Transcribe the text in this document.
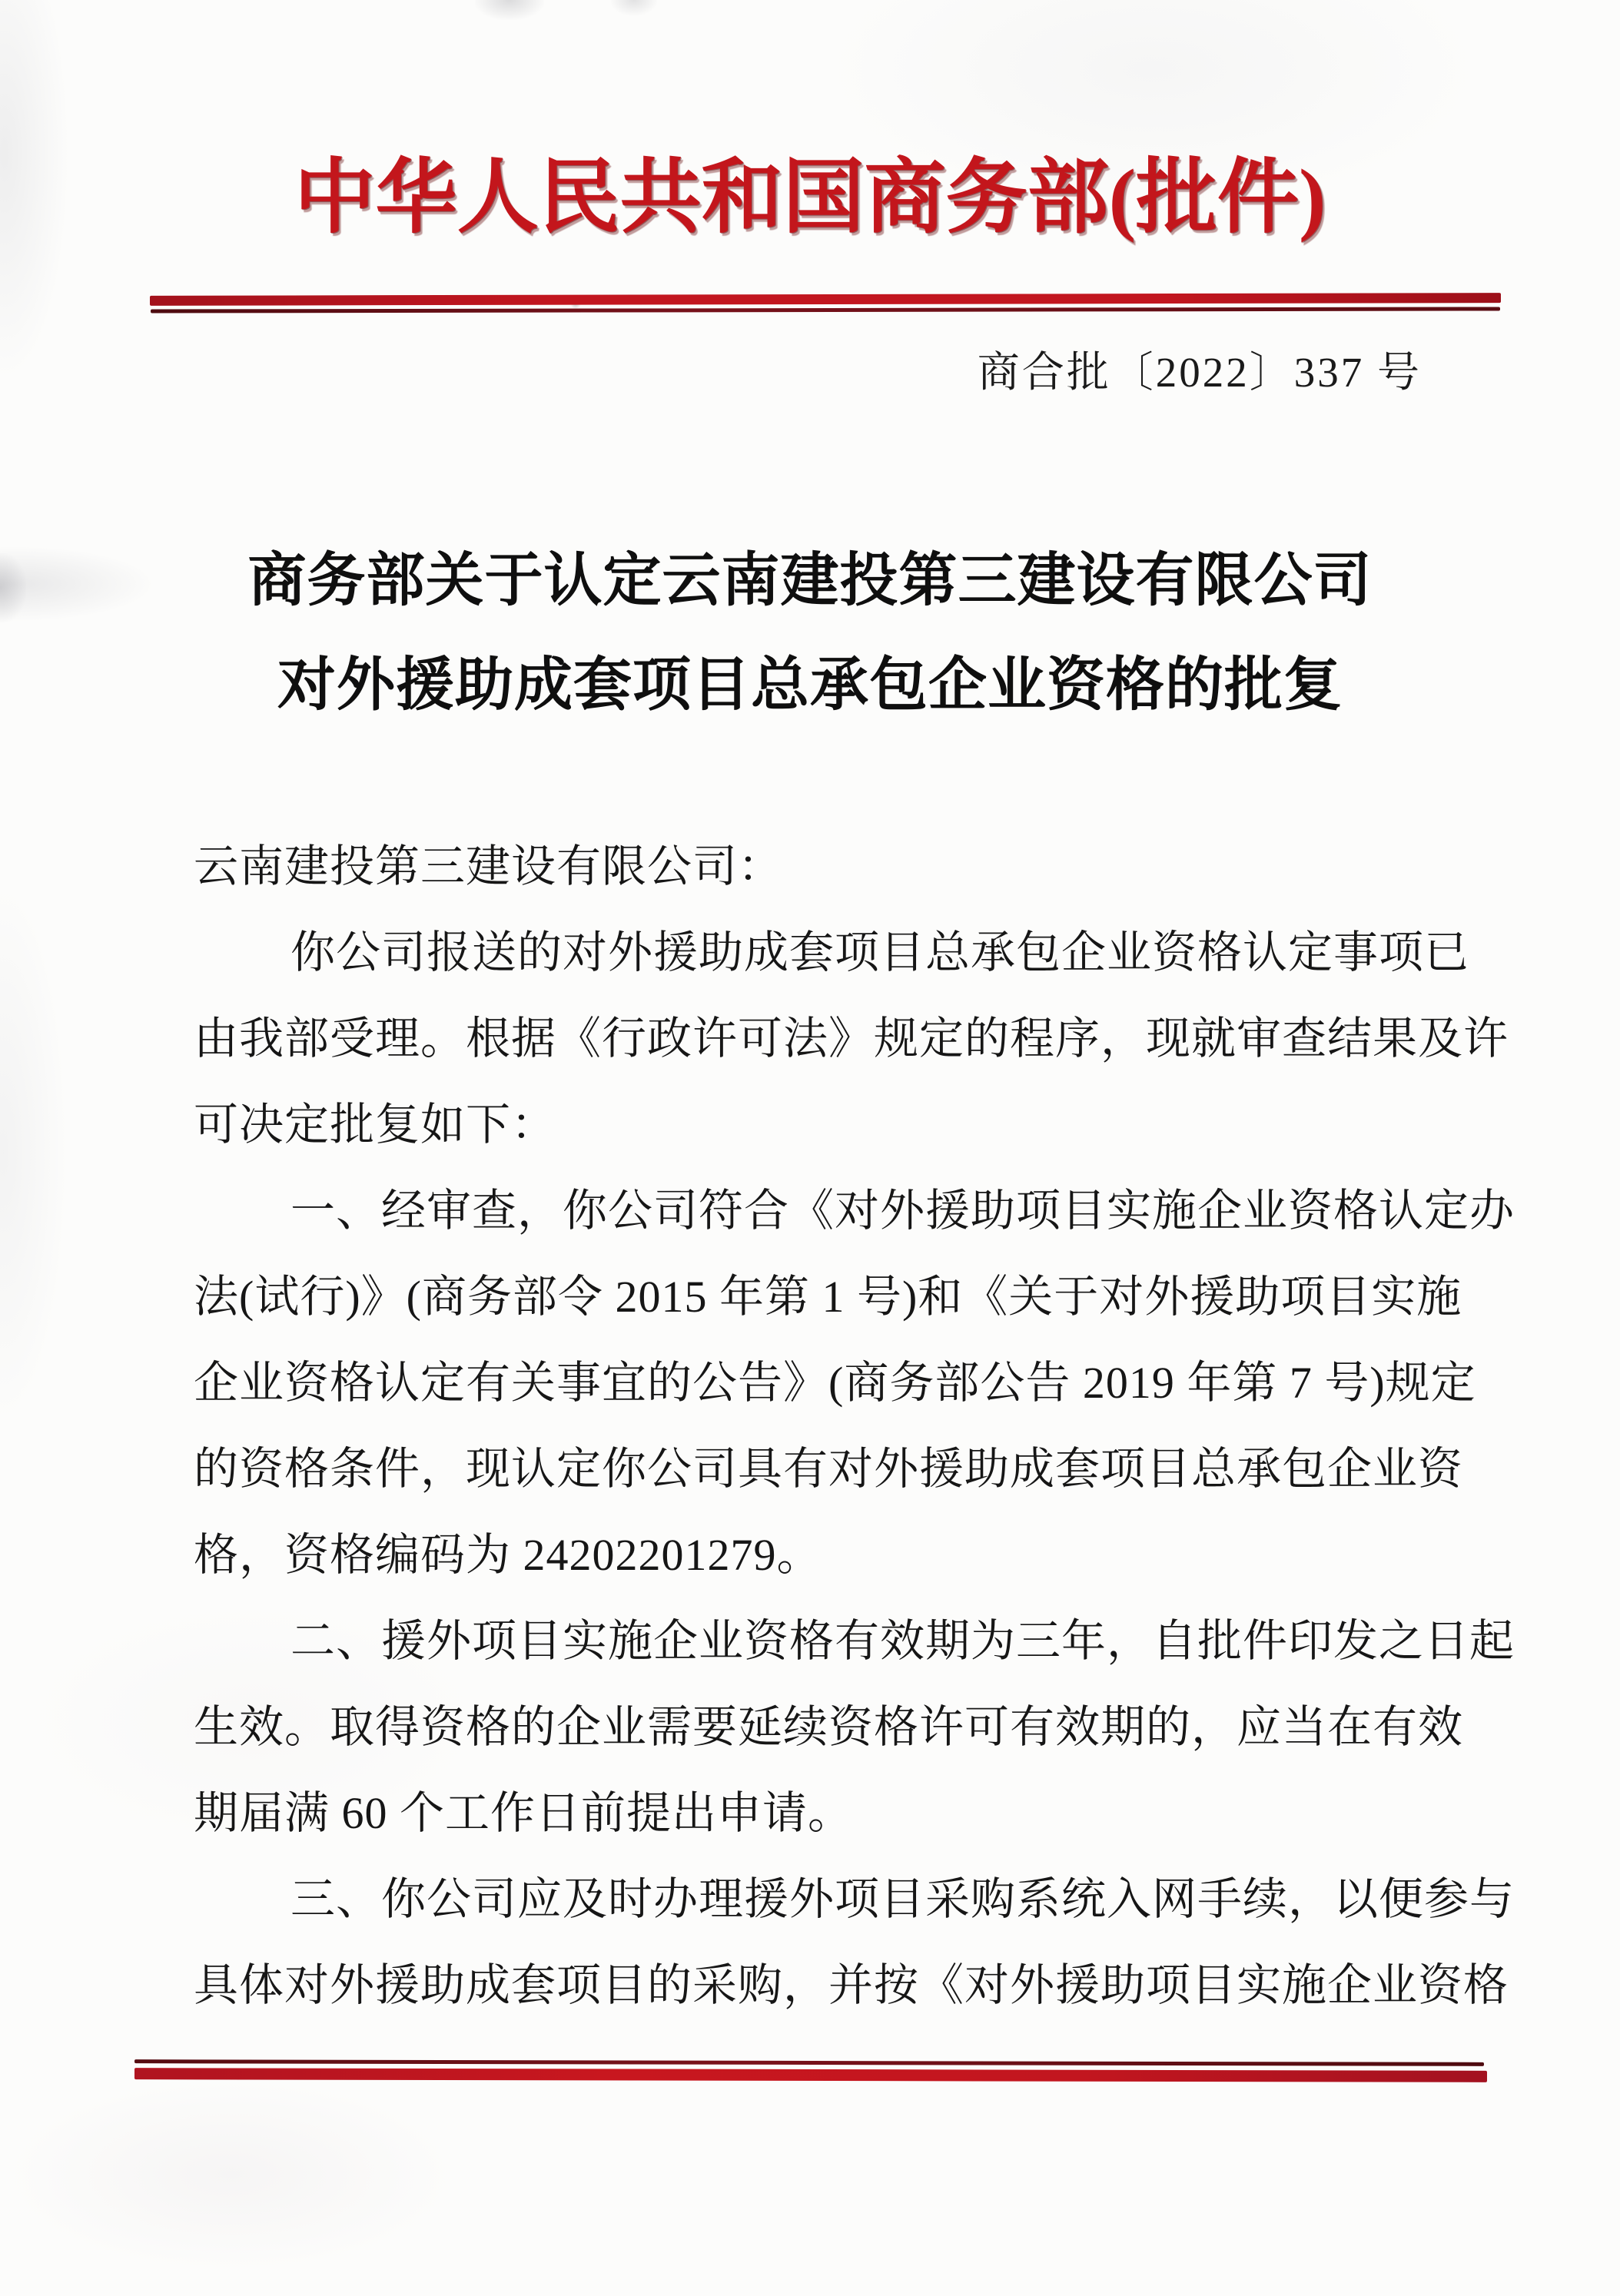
中华人民共和国商务部(批件)
商合批〔2022〕337 号
商务部关于认定云南建投第三建设有限公司
对外援助成套项目总承包企业资格的批复
云南建投第三建设有限公司：
你公司报送的对外援助成套项目总承包企业资格认定事项已
由我部受理。根据《行政许可法》规定的程序，现就审查结果及许
可决定批复如下：
一、经审查，你公司符合《对外援助项目实施企业资格认定办
法(试行)》(商务部令 2015 年第 1 号)和《关于对外援助项目实施
企业资格认定有关事宜的公告》(商务部公告 2019 年第 7 号)规定
的资格条件，现认定你公司具有对外援助成套项目总承包企业资
格，资格编码为 24202201279。
二、援外项目实施企业资格有效期为三年，自批件印发之日起
生效。取得资格的企业需要延续资格许可有效期的，应当在有效
期届满 60 个工作日前提出申请。
三、你公司应及时办理援外项目采购系统入网手续，以便参与
具体对外援助成套项目的采购，并按《对外援助项目实施企业资格
